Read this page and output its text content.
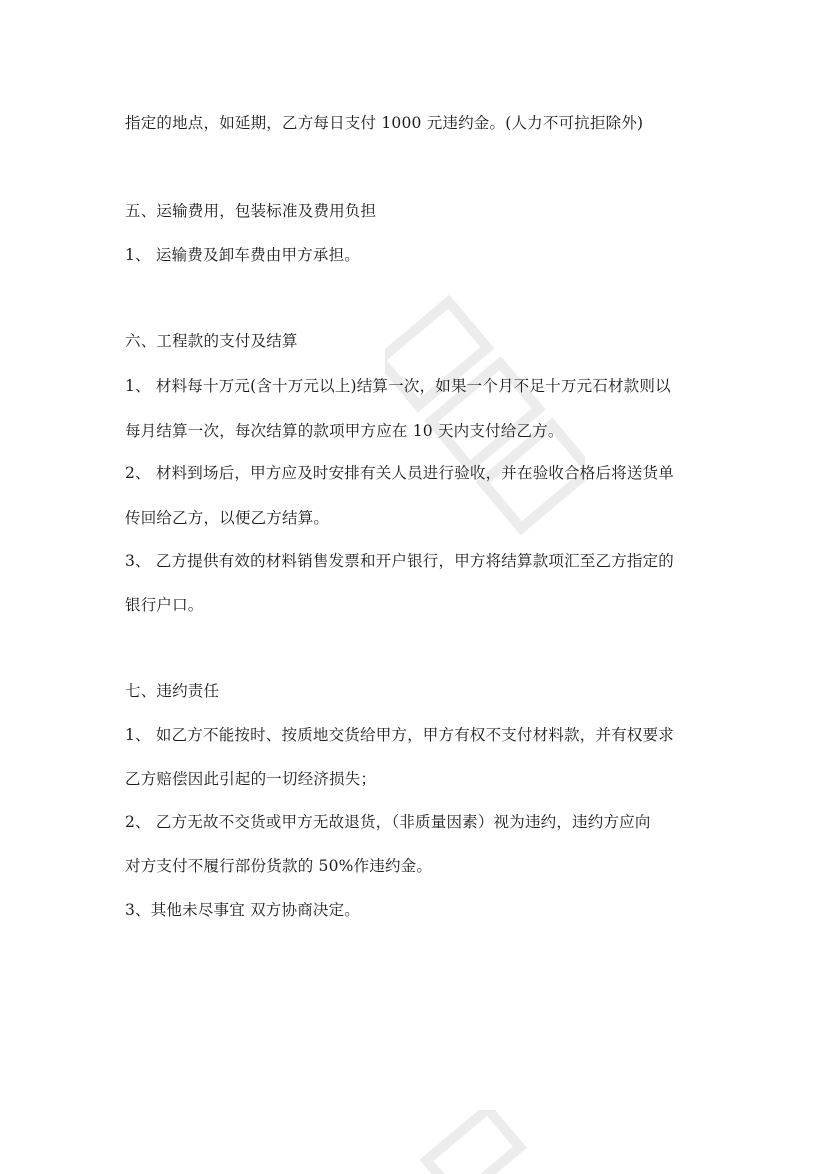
指定的地点，如延期，乙方每日支付 1000 元违约金。(人力不可抗拒除外)
五、运输费用，包装标准及费用负担
1、 运输费及卸车费由甲方承担。
六、工程款的支付及结算
1、 材料每十万元(含十万元以上)结算一次，如果一个月不足十万元石材款则以
每月结算一次，每次结算的款项甲方应在 10 天内支付给乙方。
2、 材料到场后，甲方应及时安排有关人员进行验收，并在验收合格后将送货单
传回给乙方，以便乙方结算。
3、 乙方提供有效的材料销售发票和开户银行，甲方将结算款项汇至乙方指定的
银行户口。
七、违约责任
1、 如乙方不能按时、按质地交货给甲方，甲方有权不支付材料款，并有权要求
乙方赔偿因此引起的一切经济损失；
2、 乙方无故不交货或甲方无故退货，（非质量因素）视为违约，违约方应向
对方支付不履行部份货款的 50%作违约金。
3、其他未尽事宜 双方协商决定。
